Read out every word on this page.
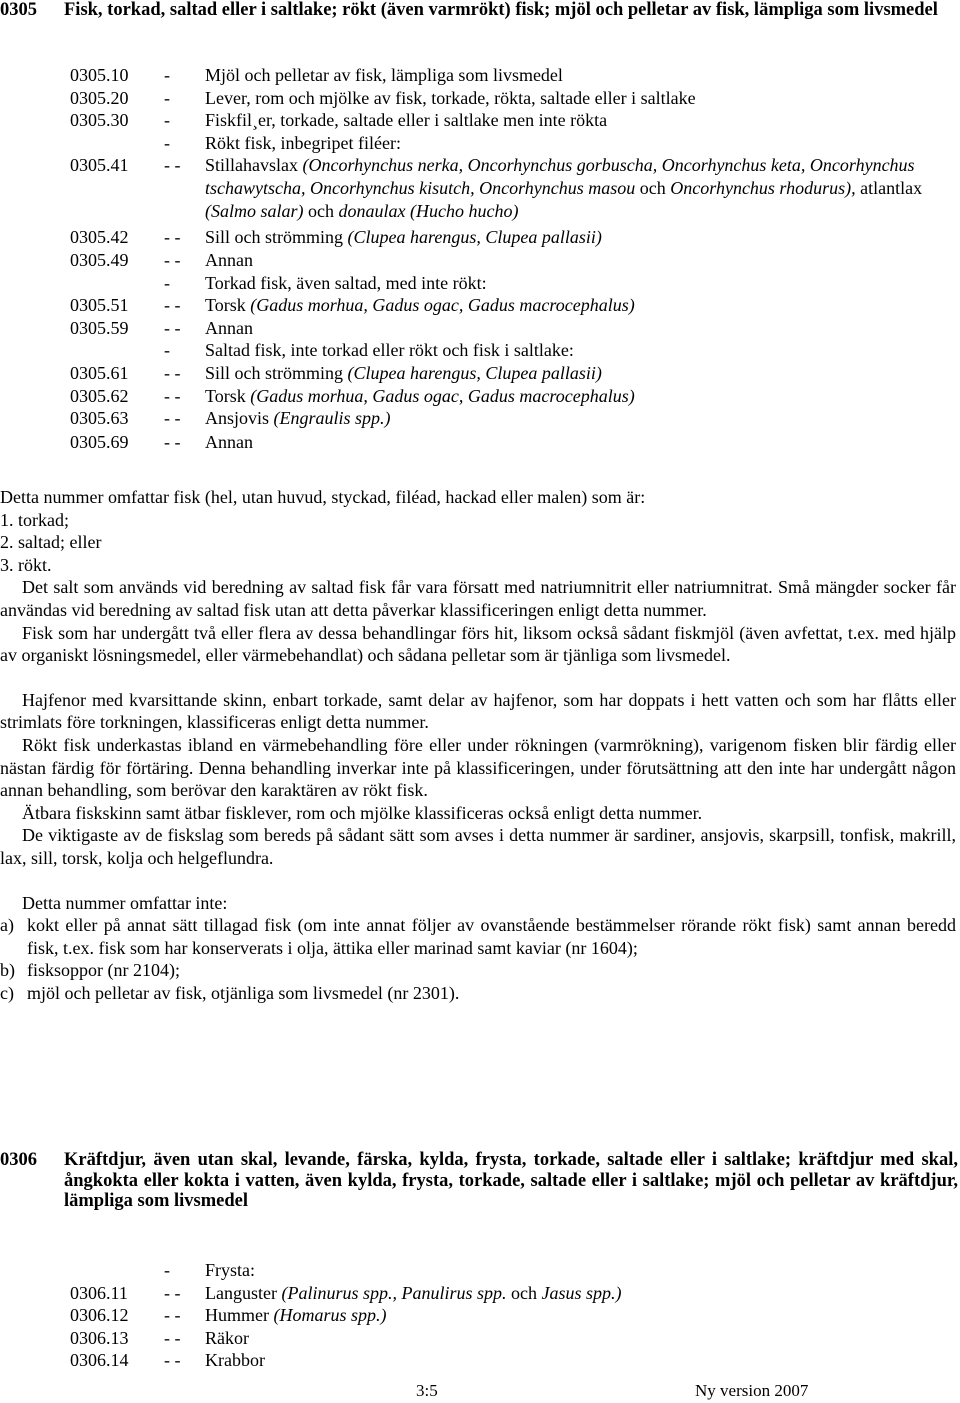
0305 Fisk, torkad, saltad eller i saltlake; rökt (även varmrökt) fisk; mjöl och pelletar av fisk, lämpliga som livsmedel
0305.10 - Mjöl och pelletar av fisk, lämpliga som livsmedel
0305.20 - Lever, rom och mjölke av fisk, torkade, rökta, saltade eller i saltlake
0305.30 - Fiskfil¸er, torkade, saltade eller i saltlake men inte rökta
- Rökt fisk, inbegripet filéer:
0305.41 - - Stillahavslax (Oncorhynchus nerka, Oncorhynchus gorbuscha, Oncorhynchus keta, Oncorhynchus tschawytscha, Oncorhynchus kisutch, Oncorhynchus masou och Oncorhynchus rhodurus), atlantlax (Salmo salar) och donaulax (Hucho hucho)
0305.42 - - Sill och strömming (Clupea harengus, Clupea pallasii)
0305.49 - - Annan
- Torkad fisk, även saltad, med inte rökt:
0305.51 - - Torsk (Gadus morhua, Gadus ogac, Gadus macrocephalus)
0305.59 - - Annan
- Saltad fisk, inte torkad eller rökt och fisk i saltlake:
0305.61 - - Sill och strömming (Clupea harengus, Clupea pallasii)
0305.62 - - Torsk (Gadus morhua, Gadus ogac, Gadus macrocephalus)
0305.63 - - Ansjovis (Engraulis spp.)
0305.69 - - Annan

Detta nummer omfattar fisk (hel, utan huvud, styckad, filéad, hackad eller malen) som är:

1. torkad;

2. saltad; eller

3. rökt.

Det salt som används vid beredning av saltad fisk får vara försatt med natriumnitrit eller natriumnitrat. Små mängder socker får användas vid beredning av saltad fisk utan att detta påverkar klassificeringen enligt detta nummer.

Fisk som har undergått två eller flera av dessa behandlingar förs hit, liksom också sådant fiskmjöl (även avfettat, t.ex. med hjälp av organiskt lösningsmedel, eller värmebehandlat) och sådana pelletar som är tjänliga som livsmedel.

Hajfenor med kvarsittande skinn, enbart torkade, samt delar av hajfenor, som har doppats i hett vatten och som har flåtts eller strimlats före torkningen, klassificeras enligt detta nummer.

Rökt fisk underkastas ibland en värmebehandling före eller under rökningen (varmrökning), varigenom fisken blir färdig eller nästan färdig för förtäring. Denna behandling inverkar inte på klassificeringen, under förutsättning att den inte har undergått någon annan behandling, som berövar den karaktären av rökt fisk.

Ätbara fiskskinn samt ätbar fisklever, rom och mjölke klassificeras också enligt detta nummer.

De viktigaste av de fiskslag som bereds på sådant sätt som avses i detta nummer är sardiner, ansjovis, skarpsill, tonfisk, makrill, lax, sill, torsk, kolja och helgeflundra.

Detta nummer omfattar inte:

a) kokt eller på annat sätt tillagad fisk (om inte annat följer av ovanstående bestämmelser rörande rökt fisk) samt annan beredd fisk, t.ex. fisk som har konserverats i olja, ättika eller marinad samt kaviar (nr 1604);
b) fisksoppor (nr 2104);
c) mjöl och pelletar av fisk, otjänliga som livsmedel (nr 2301).
0306 Kräftdjur, även utan skal, levande, färska, kylda, frysta, torkade, saltade eller i saltlake; kräftdjur med skal, ångkokta eller kokta i vatten, även kylda, frysta, torkade, saltade eller i saltlake; mjöl och pelletar av kräftdjur, lämpliga som livsmedel
- Frysta:
0306.11 - - Languster (Palinurus spp., Panulirus spp. och Jasus spp.)
0306.12 - - Hummer (Homarus spp.)
0306.13 - - Räkor
0306.14 - - Krabbor
3:5	Ny version 2007
